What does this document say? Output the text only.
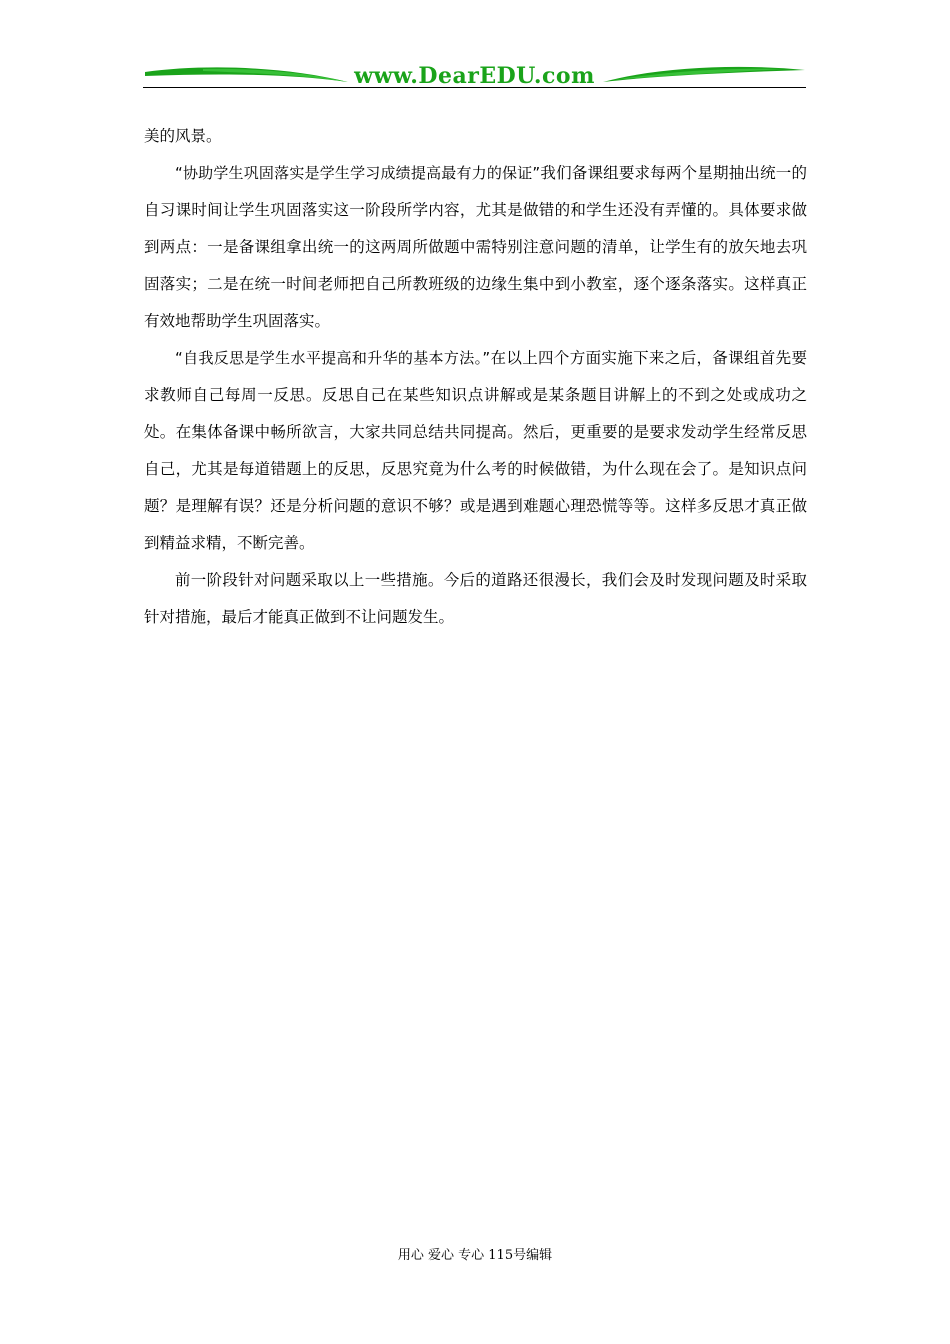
www.DearEDU.com

美的风景。

“协助学生巩固落实是学生学习成绩提高最有力的保证”我们备课组要求每两个星期抽出统一的自习课时间让学生巩固落实这一阶段所学内容，尤其是做错的和学生还没有弄懂的。具体要求做到两点：一是备课组拿出统一的这两周所做题中需特别注意问题的清单，让学生有的放矢地去巩固落实；二是在统一时间老师把自己所教班级的边缘生集中到小教室，逐个逐条落实。这样真正有效地帮助学生巩固落实。

“自我反思是学生水平提高和升华的基本方法。”在以上四个方面实施下来之后，备课组首先要求教师自己每周一反思。反思自己在某些知识点讲解或是某条题目讲解上的不到之处或成功之处。在集体备课中畅所欲言，大家共同总结共同提高。然后，更重要的是要求发动学生经常反思自己，尤其是每道错题上的反思，反思究竟为什么考的时候做错，为什么现在会了。是知识点问题？是理解有误？还是分析问题的意识不够？或是遇到难题心理恐慌等等。这样多反思才真正做到精益求精，不断完善。

前一阶段针对问题采取以上一些措施。今后的道路还很漫长，我们会及时发现问题及时采取针对措施，最后才能真正做到不让问题发生。

用心 爱心 专心 115号编辑
